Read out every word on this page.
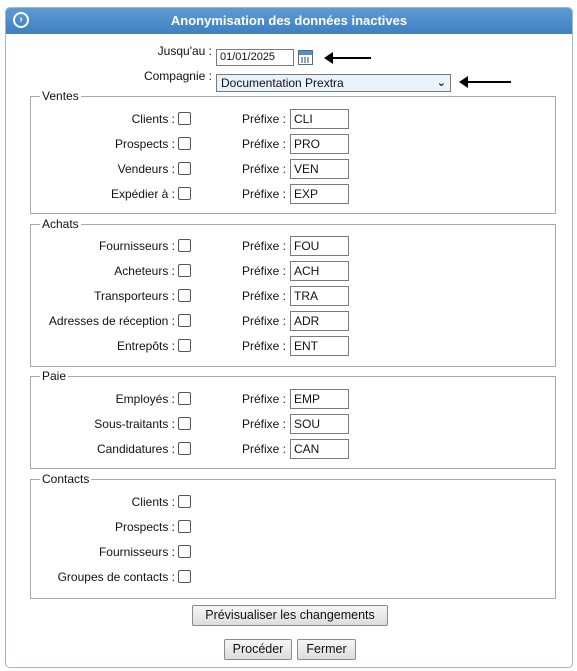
›	Anonymisation des données inactives
Jusqu'au : 01/01/2025
Compagnie : Documentation Prextra	⌄
Ventes
Clients :	Préfixe : CLI
Prospects :	Préfixe : PRO
Vendeurs :	Préfixe : VEN
Expédier à :	Préfixe : EXP
Achats
Fournisseurs :	Préfixe : FOU
Acheteurs :	Préfixe : ACH
Transporteurs :	Préfixe : TRA
Adresses de réception :	Préfixe : ADR
Entrepôts :	Préfixe : ENT
Paie
Employés :	Préfixe : EMP
Sous-traitants :	Préfixe : SOU
Candidatures :	Préfixe : CAN
Contacts
Clients :
Prospects :
Fournisseurs :
Groupes de contacts :
Prévisualiser les changements
Procéder	Fermer
